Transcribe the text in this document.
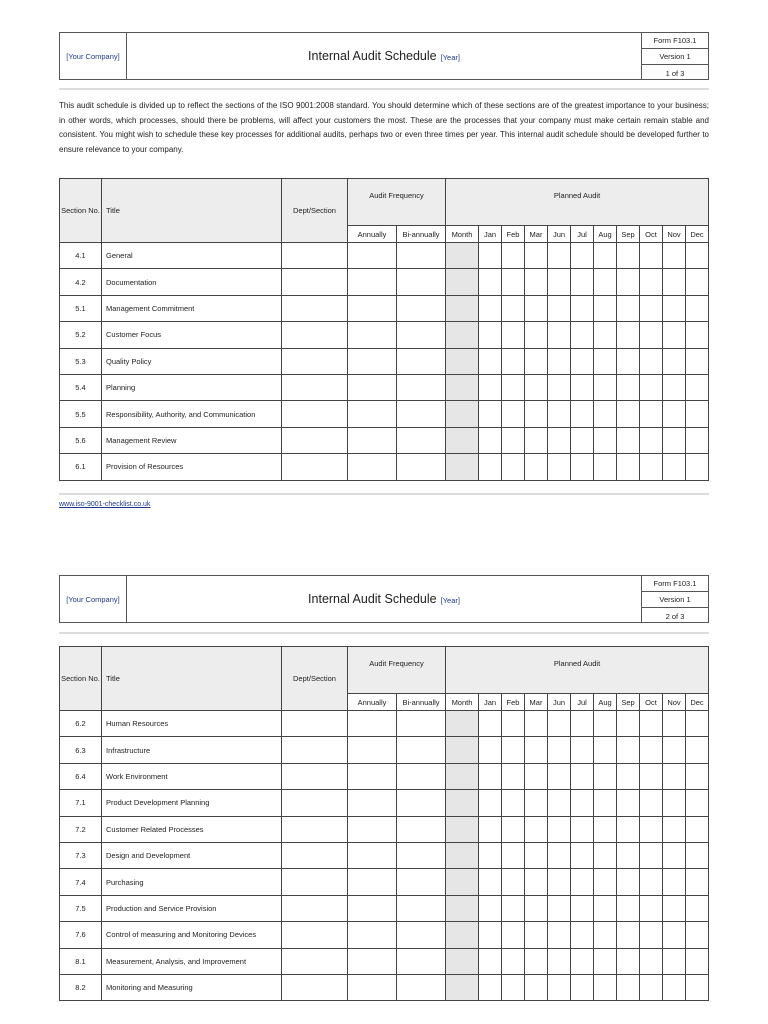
[Your Company]	Internal Audit Schedule [Year]
Form F103.1
Version 1
1 of 3
This audit schedule is divided up to reflect the sections of the ISO 9001:2008 standard. You should determine which of these sections are of the greatest importance to your business; in other words, which processes, should there be problems, will affect your customers the most. These are the processes that your company must make certain remain stable and consistent. You might wish to schedule these key processes for additional audits, perhaps two or even three times per year. This internal audit schedule should be developed further to ensure relevance to your company.
Section No.	Title	Dept/Section	Audit Frequency		Planned Audit										
			Annually	Bi-annually	Month	Jan	Feb	Mar	Jun	Jul	Aug	Sep	Oct	Nov	Dec
4.1	General														
4.2	Documentation														
5.1	Management Commitment														
5.2	Customer Focus														
5.3	Quality Policy														
5.4	Planning														
5.5	Responsibility, Authority, and Communication														
5.6	Management Review														
6.1	Provision of Resources														
www.iso-9001-checklist.co.uk
[Your Company]	Internal Audit Schedule [Year]
Form F103.1
Version 1
2 of 3
Section No.	Title	Dept/Section	Audit Frequency		Planned Audit										
			Annually	Bi-annually	Month	Jan	Feb	Mar	Jun	Jul	Aug	Sep	Oct	Nov	Dec
6.2	Human Resources														
6.3	Infrastructure														
6.4	Work Environment														
7.1	Product Development Planning														
7.2	Customer Related Processes														
7.3	Design and Development														
7.4	Purchasing														
7.5	Production and Service Provision														
7.6	Control of measuring and Monitoring Devices														
8.1	Measurement, Analysis, and Improvement														
8.2	Monitoring and Measuring														
